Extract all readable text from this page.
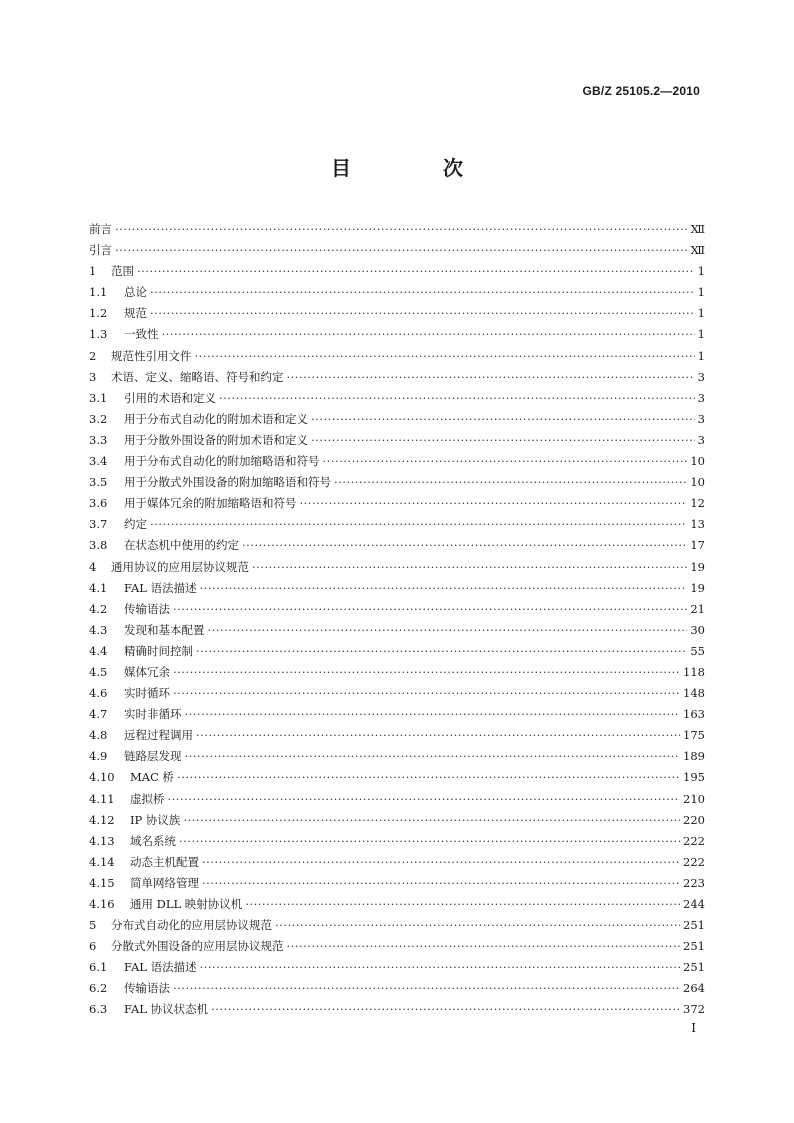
GB/Z 25105.2—2010
目　次
前言 ·····	Ⅻ
引言 ·····	Ⅻ
1	范围 ·····	1
1.1	总论 ·····	1
1.2	规范 ·····	1
1.3	一致性 ·····	1
2	规范性引用文件 ·····	1
3	术语、定义、缩略语、符号和约定 ·····	3
3.1	引用的术语和定义 ·····	3
3.2	用于分布式自动化的附加术语和定义 ·····	3
3.3	用于分散外围设备的附加术语和定义 ·····	3
3.4	用于分布式自动化的附加缩略语和符号 ·····	10
3.5	用于分散式外围设备的附加缩略语和符号 ·····	10
3.6	用于媒体冗余的附加缩略语和符号 ·····	12
3.7	约定 ·····	13
3.8	在状态机中使用的约定 ·····	17
4	通用协议的应用层协议规范 ·····	19
4.1	FAL 语法描述 ·····	19
4.2	传输语法 ·····	21
4.3	发现和基本配置 ·····	30
4.4	精确时间控制 ·····	55
4.5	媒体冗余 ·····	118
4.6	实时循环 ·····	148
4.7	实时非循环 ·····	163
4.8	远程过程调用 ·····	175
4.9	链路层发现 ·····	189
4.10	MAC 桥 ·····	195
4.11	虚拟桥 ·····	210
4.12	IP 协议族 ·····	220
4.13	域名系统 ·····	222
4.14	动态主机配置 ·····	222
4.15	简单网络管理 ·····	223
4.16	通用 DLL 映射协议机 ·····	244
5	分布式自动化的应用层协议规范 ·····	251
6	分散式外围设备的应用层协议规范 ·····	251
6.1	FAL 语法描述 ·····	251
6.2	传输语法 ·····	264
6.3	FAL 协议状态机 ·····	372
Ⅰ
